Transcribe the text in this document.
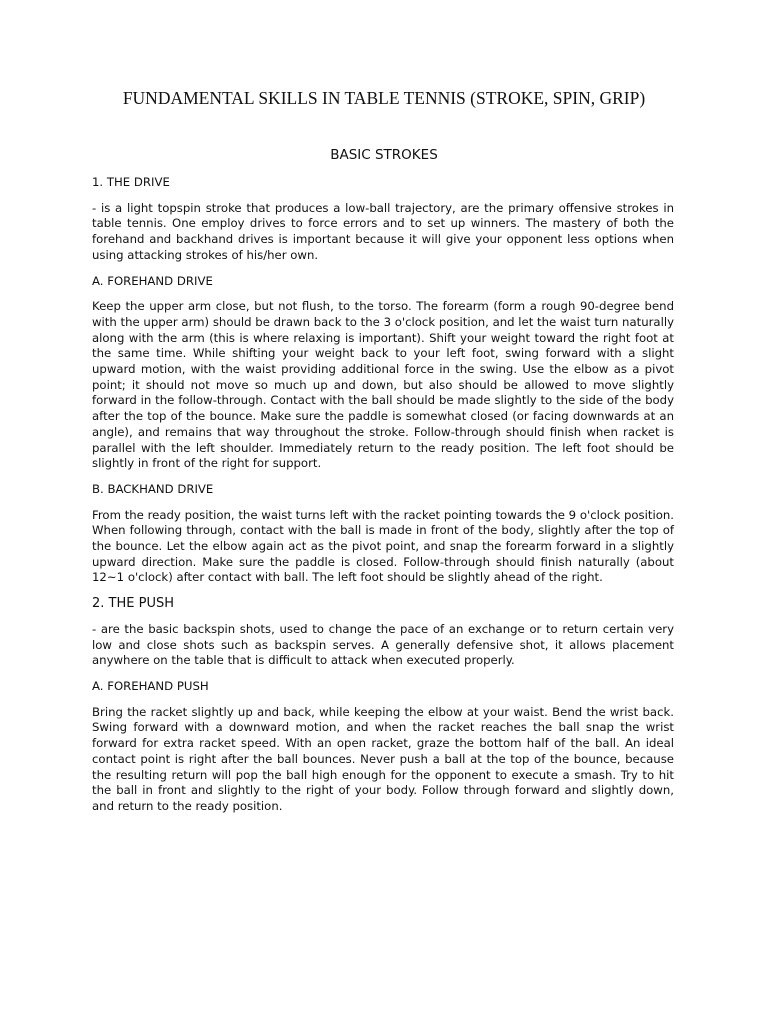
FUNDAMENTAL SKILLS IN TABLE TENNIS (STROKE, SPIN, GRIP)
BASIC STROKES

1. THE DRIVE

- is a light topspin stroke that produces a low-ball trajectory, are the primary offensive strokes in table tennis. One employ drives to force errors and to set up winners. The mastery of both the forehand and backhand drives is important because it will give your opponent less options when using attacking strokes of his/her own.

A. FOREHAND DRIVE

Keep the upper arm close, but not flush, to the torso. The forearm (form a rough 90-degree bend with the upper arm) should be drawn back to the 3 o'clock position, and let the waist turn naturally along with the arm (this is where relaxing is important). Shift your weight toward the right foot at the same time. While shifting your weight back to your left foot, swing forward with a slight upward motion, with the waist providing additional force in the swing. Use the elbow as a pivot point; it should not move so much up and down, but also should be allowed to move slightly forward in the follow-through. Contact with the ball should be made slightly to the side of the body after the top of the bounce. Make sure the paddle is somewhat closed (or facing downwards at an angle), and remains that way throughout the stroke. Follow-through should finish when racket is parallel with the left shoulder. Immediately return to the ready position. The left foot should be slightly in front of the right for support.

B. BACKHAND DRIVE

From the ready position, the waist turns left with the racket pointing towards the 9 o'clock position. When following through, contact with the ball is made in front of the body, slightly after the top of the bounce. Let the elbow again act as the pivot point, and snap the forearm forward in a slightly upward direction. Make sure the paddle is closed. Follow-through should finish naturally (about 12~1 o'clock) after contact with ball. The left foot should be slightly ahead of the right.

2. THE PUSH

- are the basic backspin shots, used to change the pace of an exchange or to return certain very low and close shots such as backspin serves. A generally defensive shot, it allows placement anywhere on the table that is difficult to attack when executed properly.

A. FOREHAND PUSH

Bring the racket slightly up and back, while keeping the elbow at your waist. Bend the wrist back. Swing forward with a downward motion, and when the racket reaches the ball snap the wrist forward for extra racket speed. With an open racket, graze the bottom half of the ball. An ideal contact point is right after the ball bounces. Never push a ball at the top of the bounce, because the resulting return will pop the ball high enough for the opponent to execute a smash. Try to hit the ball in front and slightly to the right of your body. Follow through forward and slightly down, and return to the ready position.
